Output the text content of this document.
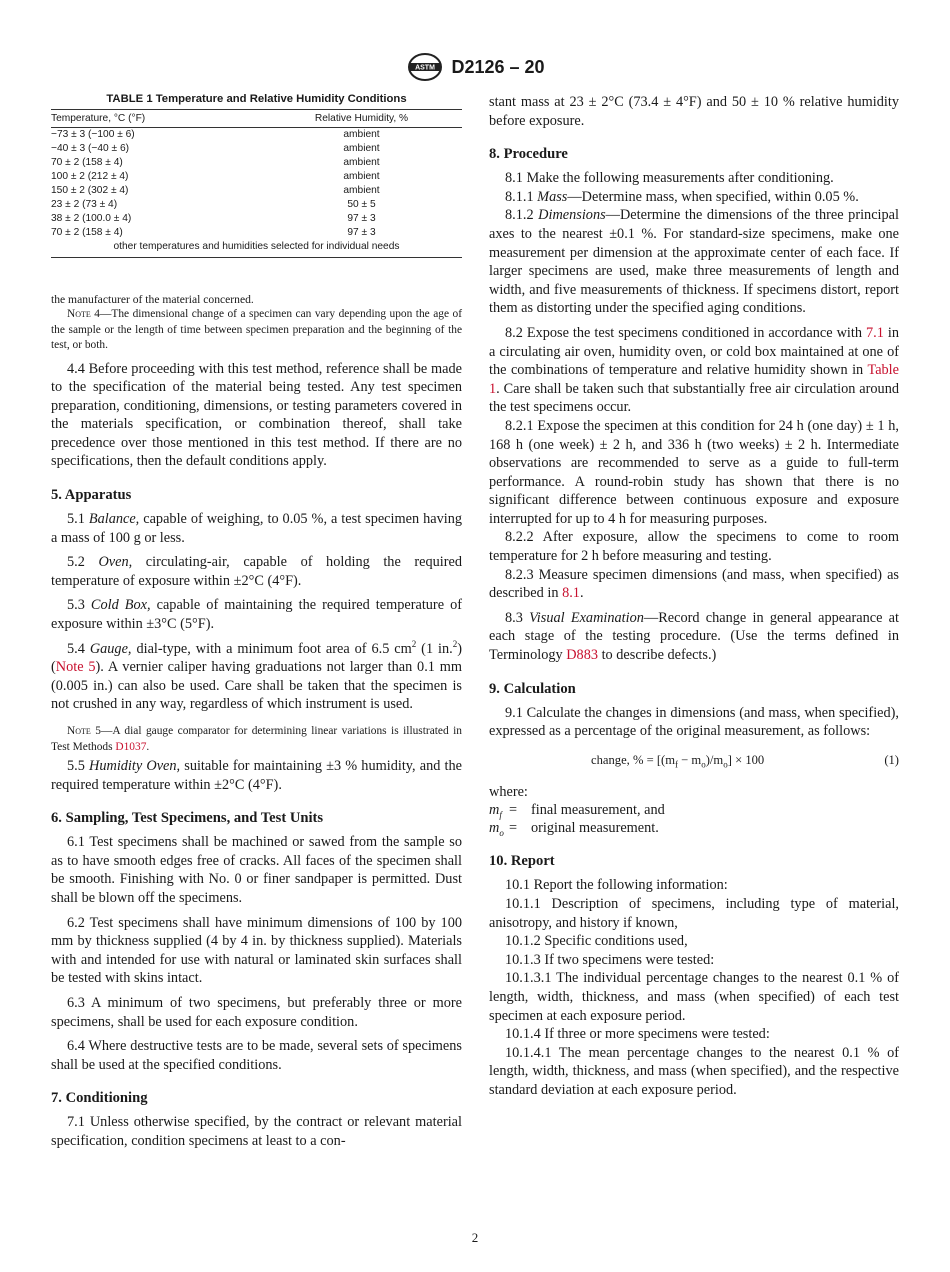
ASTM D2126 – 20
TABLE 1 Temperature and Relative Humidity Conditions
Temperature, °C (°F)	Relative Humidity, %
−73 ± 3 (−100 ± 6)	ambient
−40 ± 3 (−40 ± 6)	ambient
70 ± 2 (158 ± 4)	ambient
100 ± 2 (212 ± 4)	ambient
150 ± 2 (302 ± 4)	ambient
23 ± 2 (73 ± 4)	50 ± 5
38 ± 2 (100.0 ± 4)	97 ± 3
70 ± 2 (158 ± 4)	97 ± 3
other temperatures and humidities selected for individual needs	

the manufacturer of the material concerned.

Note 4—The dimensional change of a specimen can vary depending upon the age of the sample or the length of time between specimen preparation and the beginning of the test, or both.

4.4 Before proceeding with this test method, reference shall be made to the specification of the material being tested. Any test specimen preparation, conditioning, dimensions, or testing parameters covered in the materials specification, or combination thereof, shall take precedence over those mentioned in this test method. If there are no specifications, then the default conditions apply.

5. Apparatus

5.1 Balance, capable of weighing, to 0.05 %, a test specimen having a mass of 100 g or less.

5.2 Oven, circulating-air, capable of holding the required temperature of exposure within ±2°C (4°F).

5.3 Cold Box, capable of maintaining the required temperature of exposure within ±3°C (5°F).

5.4 Gauge, dial-type, with a minimum foot area of 6.5 $cm^2$ (1 in.$^2$) (Note 5). A vernier caliper having graduations not larger than 0.1 mm (0.005 in.) can also be used. Care shall be taken that the specimen is not crushed in any way, regardless of which instrument is used.

Note 5—A dial gauge comparator for determining linear variations is illustrated in Test Methods D1037.

5.5 Humidity Oven, suitable for maintaining ±3 % humidity, and the required temperature within ±2°C (4°F).

6. Sampling, Test Specimens, and Test Units

6.1 Test specimens shall be machined or sawed from the sample so as to have smooth edges free of cracks. All faces of the specimen shall be smooth. Finishing with No. 0 or finer sandpaper is permitted. Dust shall be blown off the specimens.

6.2 Test specimens shall have minimum dimensions of 100 by 100 mm by thickness supplied (4 by 4 in. by thickness supplied). Materials with and intended for use with natural or laminated skin surfaces shall be tested with skins intact.

6.3 A minimum of two specimens, but preferably three or more specimens, shall be used for each exposure condition.

6.4 Where destructive tests are to be made, several sets of specimens shall be used at the specified conditions.

7. Conditioning

7.1 Unless otherwise specified, by the contract or relevant material specification, condition specimens at least to a con-

stant mass at 23 ± 2°C (73.4 ± 4°F) and 50 ± 10 % relative humidity before exposure.

8. Procedure

8.1 Make the following measurements after conditioning.

8.1.1 Mass—Determine mass, when specified, within 0.05 %.

8.1.2 Dimensions—Determine the dimensions of the three principal axes to the nearest ±0.1 %. For standard-size specimens, make one measurement per dimension at the approximate center of each face. If larger specimens are used, make three measurements of length and width, and five measurements of thickness. If specimens distort, report them as distorting under the specified aging conditions.

8.2 Expose the test specimens conditioned in accordance with 7.1 in a circulating air oven, humidity oven, or cold box maintained at one of the combinations of temperature and relative humidity shown in Table 1. Care shall be taken such that substantially free air circulation around the test specimens occur.

8.2.1 Expose the specimen at this condition for 24 h (one day) ± 1 h, 168 h (one week) ± 2 h, and 336 h (two weeks) ± 2 h. Intermediate observations are recommended to serve as a guide to full-term performance. A round-robin study has shown that there is no significant difference between continuous exposure and exposure interrupted for up to 4 h for measuring purposes.

8.2.2 After exposure, allow the specimens to come to room temperature for 2 h before measuring and testing.

8.2.3 Measure specimen dimensions (and mass, when specified) as described in 8.1.

8.3 Visual Examination—Record change in general appearance at each stage of the testing procedure. (Use the terms defined in Terminology D883 to describe defects.)

9. Calculation

9.1 Calculate the changes in dimensions (and mass, when specified), expressed as a percentage of the original measurement, as follows:

change, % = $[(m_f - m_o)/m_o] \times 100$	(1)

where:

$m_f=$ final measurement, and
$m_o=$ original measurement.
10. Report

10.1 Report the following information:

10.1.1 Description of specimens, including type of material, anisotropy, and history if known,

10.1.2 Specific conditions used,

10.1.3 If two specimens were tested:

10.1.3.1 The individual percentage changes to the nearest 0.1 % of length, width, thickness, and mass (when specified) of each test specimen at each exposure period.

10.1.4 If three or more specimens were tested:

10.1.4.1 The mean percentage changes to the nearest 0.1 % of length, width, thickness, and mass (when specified), and the respective standard deviation at each exposure period.

2
